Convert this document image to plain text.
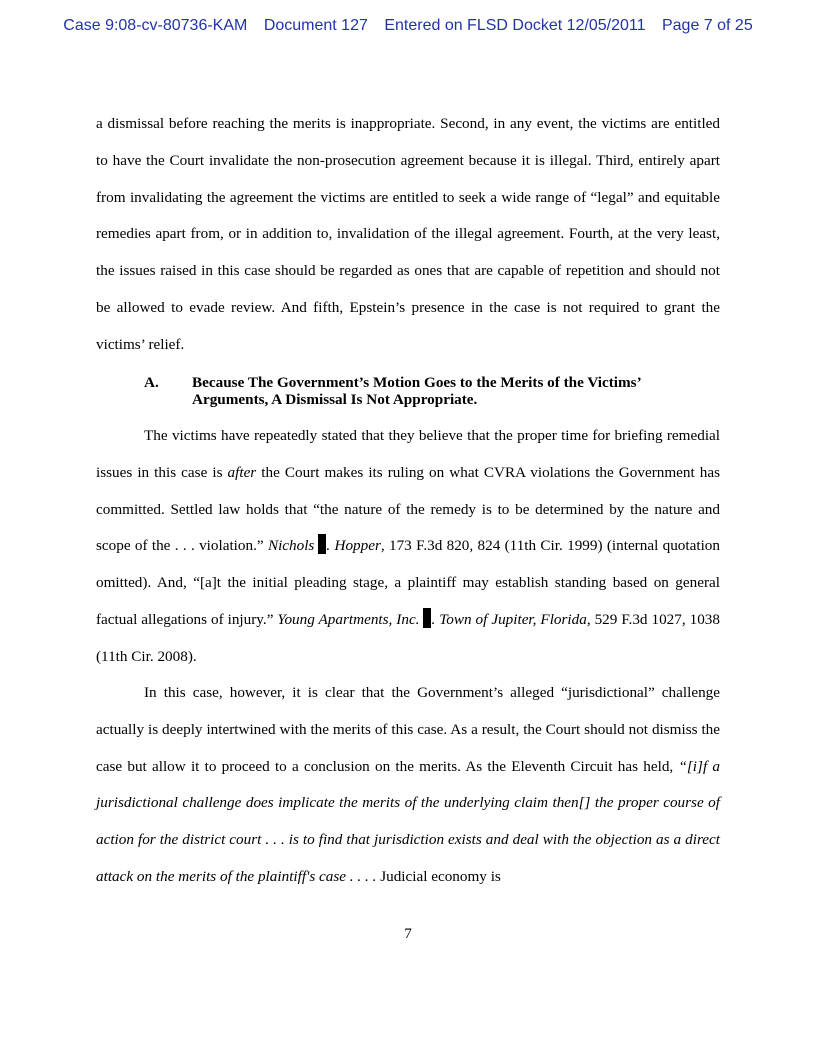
Case 9:08-cv-80736-KAM Document 127 Entered on FLSD Docket 12/05/2011 Page 7 of 25

a dismissal before reaching the merits is inappropriate. Second, in any event, the victims are entitled to have the Court invalidate the non-prosecution agreement because it is illegal. Third, entirely apart from invalidating the agreement the victims are entitled to seek a wide range of “legal” and equitable remedies apart from, or in addition to, invalidation of the illegal agreement. Fourth, at the very least, the issues raised in this case should be regarded as ones that are capable of repetition and should not be allowed to evade review. And fifth, Epstein’s presence in the case is not required to grant the victims’ relief.

A. Because The Government’s Motion Goes to the Merits of the Victims’
Arguments, A Dismissal Is Not Appropriate.

The victims have repeatedly stated that they believe that the proper time for briefing remedial issues in this case is after the Court makes its ruling on what CVRA violations the Government has committed. Settled law holds that “the nature of the remedy is to be determined by the nature and scope of the . . . violation.” Nichols . Hopper, 173 F.3d 820, 824 (11th Cir. 1999) (internal quotation omitted). And, “[a]t the initial pleading stage, a plaintiff may establish standing based on general factual allegations of injury.” Young Apartments, Inc. . Town of Jupiter, Florida, 529 F.3d 1027, 1038 (11th Cir. 2008).

In this case, however, it is clear that the Government’s alleged “jurisdictional” challenge actually is deeply intertwined with the merits of this case. As a result, the Court should not dismiss the case but allow it to proceed to a conclusion on the merits. As the Eleventh Circuit has held, “[i]f a jurisdictional challenge does implicate the merits of the underlying claim then[] the proper course of action for the district court . . . is to find that jurisdiction exists and deal with the objection as a direct attack on the merits of the plaintiff's case . . . . Judicial economy is

7
